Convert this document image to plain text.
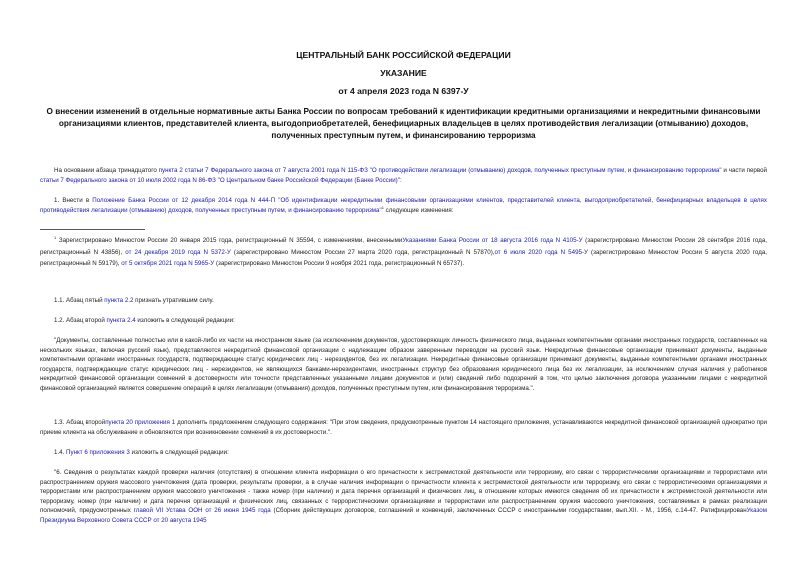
ЦЕНТРАЛЬНЫЙ БАНК РОССИЙСКОЙ ФЕДЕРАЦИИ
УКАЗАНИЕ
от 4 апреля 2023 года N 6397-У
О внесении изменений в отдельные нормативные акты Банка России по вопросам требований к идентификации кредитными организациями и некредитными финансовыми организациями клиентов, представителей клиента, выгодоприобретателей, бенефициарных владельцев в целях противодействия легализации (отмыванию) доходов, полученных преступным путем, и финансированию терроризма
На основании абзаца тринадцатого пункта 2 статьи 7 Федерального закона от 7 августа 2001 года N 115-ФЗ "О противодействии легализации (отмыванию) доходов, полученных преступным путем, и финансированию терроризма" и части первой статьи 7 Федерального закона от 10 июля 2002 года N 86-ФЗ "О Центральном банке Российской Федерации (Банке России)":
1. Внести в Положение Банка России от 12 декабря 2014 года N 444-П "Об идентификации некредитными финансовыми организациями клиентов, представителей клиента, выгодоприобретателей, бенефициарных владельцев в целях противодействия легализации (отмыванию) доходов, полученных преступным путем, и финансированию терроризма"$^1$ следующие изменения:
$^1$ Зарегистрировано Минюстом России 20 января 2015 года, регистрационный N 35594, с изменениями, внесеннымиУказаниями Банка России от 18 августа 2016 года N 4105-У (зарегистрировано Минюстом России 28 сентября 2016 года, регистрационный N 43856), от 24 декабря 2019 года N 5372-У (зарегистрировано Минюстом России 27 марта 2020 года, регистрационный N 57870),от 6 июля 2020 года N 5495-У (зарегистрировано Минюстом России 5 августа 2020 года, регистрационный N 59179), от 5 октября 2021 года N 5965-У (зарегистрировано Минюстом России 9 ноября 2021 года, регистрационный N 65737).
1.1. Абзац пятый пункта 2.2 признать утратившим силу.
1.2. Абзац второй пункта 2.4 изложить в следующей редакции:
"Документы, составленные полностью или в какой-либо их части на иностранном языке (за исключением документов, удостоверяющих личность физического лица, выданных компетентными органами иностранных государств, составленных на нескольких языках, включая русский язык), представляются некредитной финансовой организации с надлежащим образом заверенным переводом на русский язык. Некредитные финансовые организации принимают документы, выданные компетентными органами иностранных государств, подтверждающие статус юридических лиц - нерезидентов, без их легализации. Некредитные финансовые организации принимают документы, выданные компетентными органами иностранных государств, подтверждающие статус юридических лиц - нерезидентов, не являющихся банками-нерезидентами, иностранных структур без образования юридического лица без их легализации, за исключением случая наличия у работников некредитной финансовой организации сомнений в достоверности или точности представленных указанными лицами документов и (или) сведений либо подозрений в том, что целью заключения договора указанными лицами с некредитной финансовой организацией является совершение операций в целях легализации (отмывания) доходов, полученных преступным путем, или финансирования терроризма.".
1.3. Абзац второйпункта 20 приложения 1 дополнить предложением следующего содержания: "При этом сведения, предусмотренные пунктом 14 настоящего приложения, устанавливаются некредитной финансовой организацией однократно при приеме клиента на обслуживание и обновляются при возникновении сомнений в их достоверности.".
1.4. Пункт 6 приложения 3 изложить в следующей редакции:
"6. Сведения о результатах каждой проверки наличия (отсутствия) в отношении клиента информации о его причастности к экстремистской деятельности или терроризму, его связи с террористическими организациями и террористами или распространением оружия массового уничтожения (дата проверки, результаты проверки, а в случае наличия информации о причастности клиента к экстремистской деятельности или терроризму, его связи с террористическими организациями и террористами или распространением оружия массового уничтожения - также номер (при наличии) и дата перечня организаций и физических лиц, в отношении которых имеются сведения об их причастности к экстремистской деятельности или терроризму, номер (при наличии) и дата перечня организаций и физических лиц, связанных с террористическими организациями и террористами или распространением оружия массового уничтожения, составляемых в рамках реализации полномочий, предусмотренных главой VII Устава ООН от 26 июня 1945 года (Сборник действующих договоров, соглашений и конвенций, заключенных СССР с иностранными государствами, вып.XII. - М., 1956, с.14-47. РатифицированУказом Президиума Верховного Совета СССР от 20 августа 1945
